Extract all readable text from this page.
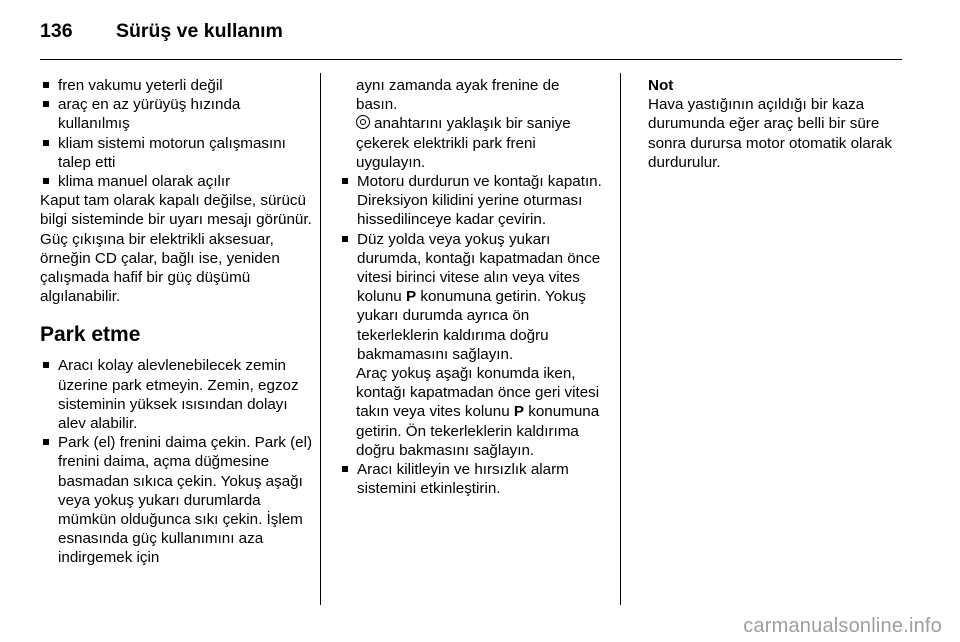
136 Sürüş ve kullanım

fren vakumu yeterli değil

araç en az yürüyüş hızında kullanılmış

kliam sistemi motorun çalışmasını talep etti

klima manuel olarak açılır

Kaput tam olarak kapalı değilse, sürücü bilgi sisteminde bir uyarı mesajı görünür.

Güç çıkışına bir elektrikli aksesuar, örneğin CD çalar, bağlı ise, yeniden çalışmada hafif bir güç düşümü algılanabilir.

Park etme

Aracı kolay alevlenebilecek zemin üzerine park etmeyin. Zemin, egzoz sisteminin yüksek ısısından dolayı alev alabilir.

Park (el) frenini daima çekin. Park (el) frenini daima, açma düğmesine basmadan sıkıca çekin. Yokuş aşağı veya yokuş yukarı durumlarda mümkün olduğunca sıkı çekin. İşlem esnasında güç kullanımını aza indirgemek için

aynı zamanda ayak frenine de basın.

anahtarını yaklaşık bir saniye çekerek elektrikli park freni uygulayın.

Motoru durdurun ve kontağı kapatın. Direksiyon kilidini yerine oturması hissedilinceye kadar çevirin.

Düz yolda veya yokuş yukarı durumda, kontağı kapatmadan önce vitesi birinci vitese alın veya vites kolunu P konumuna getirin. Yokuş yukarı durumda ayrıca ön tekerleklerin kaldırıma doğru bakmamasını sağlayın.

Araç yokuş aşağı konumda iken, kontağı kapatmadan önce geri vitesi takın veya vites kolunu P konumuna getirin. Ön tekerleklerin kaldırıma doğru bakmasını sağlayın.

Aracı kilitleyin ve hırsızlık alarm sistemini etkinleştirin.

Not

Hava yastığının açıldığı bir kaza durumunda eğer araç belli bir süre sonra durursa motor otomatik olarak durdurulur.

carmanualsonline.info
